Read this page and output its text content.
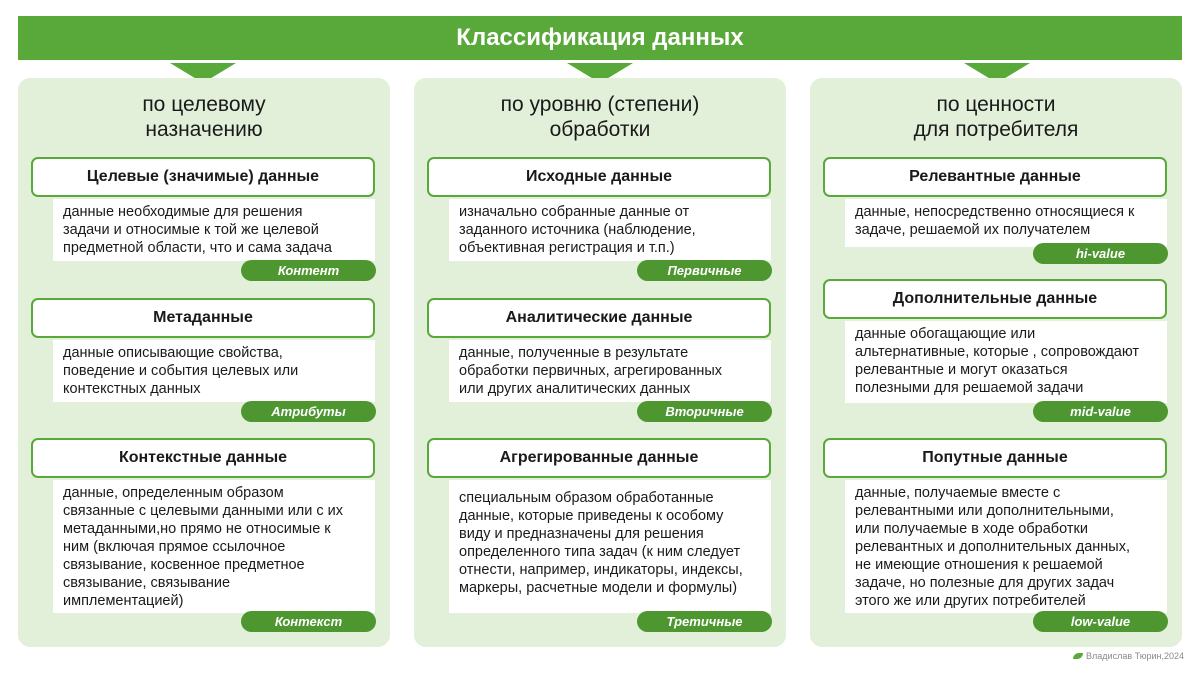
Классификация данных
по целевому
назначению
Целевые (значимые) данные
данные необходимые для решения
задачи и относимые к той же целевой
предметной области, что и сама задача
Контент
Метаданные
данные описывающие свойства,
поведение и события целевых или
контекстных данных
Атрибуты
Контекстные данные
данные, определенным образом
связанные с целевыми данными или с их
метаданными,но прямо не относимые к
ним (включая прямое ссылочное
связывание, косвенное предметное
связывание, связывание
имплементацией)
Контекст
по уровню (степени)
обработки
Исходные данные
изначально собранные данные от
заданного источника (наблюдение,
объективная регистрация и т.п.)
Первичные
Аналитические данные
данные, полученные в результате
обработки первичных, агрегированных
или других аналитических данных
Вторичные
Агрегированные данные
специальным образом обработанные
данные, которые приведены к особому
виду и предназначены для решения
определенного типа задач (к ним следует
отнести, например, индикаторы, индексы,
маркеры, расчетные модели и формулы)
Третичные
по ценности
для потребителя
Релевантные данные
данные, непосредственно относящиеся к
задаче, решаемой их получателем
hi-value
Дополнительные данные
данные обогащающие или
альтернативные, которые , сопровождают
релевантные и могут оказаться
полезными для решаемой задачи
mid-value
Попутные данные
данные, получаемые вместе с
релевантными или дополнительными,
или получаемые в ходе обработки
релевантных и дополнительных данных,
не имеющие отношения к решаемой
задаче, но полезные для других задач
этого же или других потребителей
low-value
Владислав Тюрин,2024
